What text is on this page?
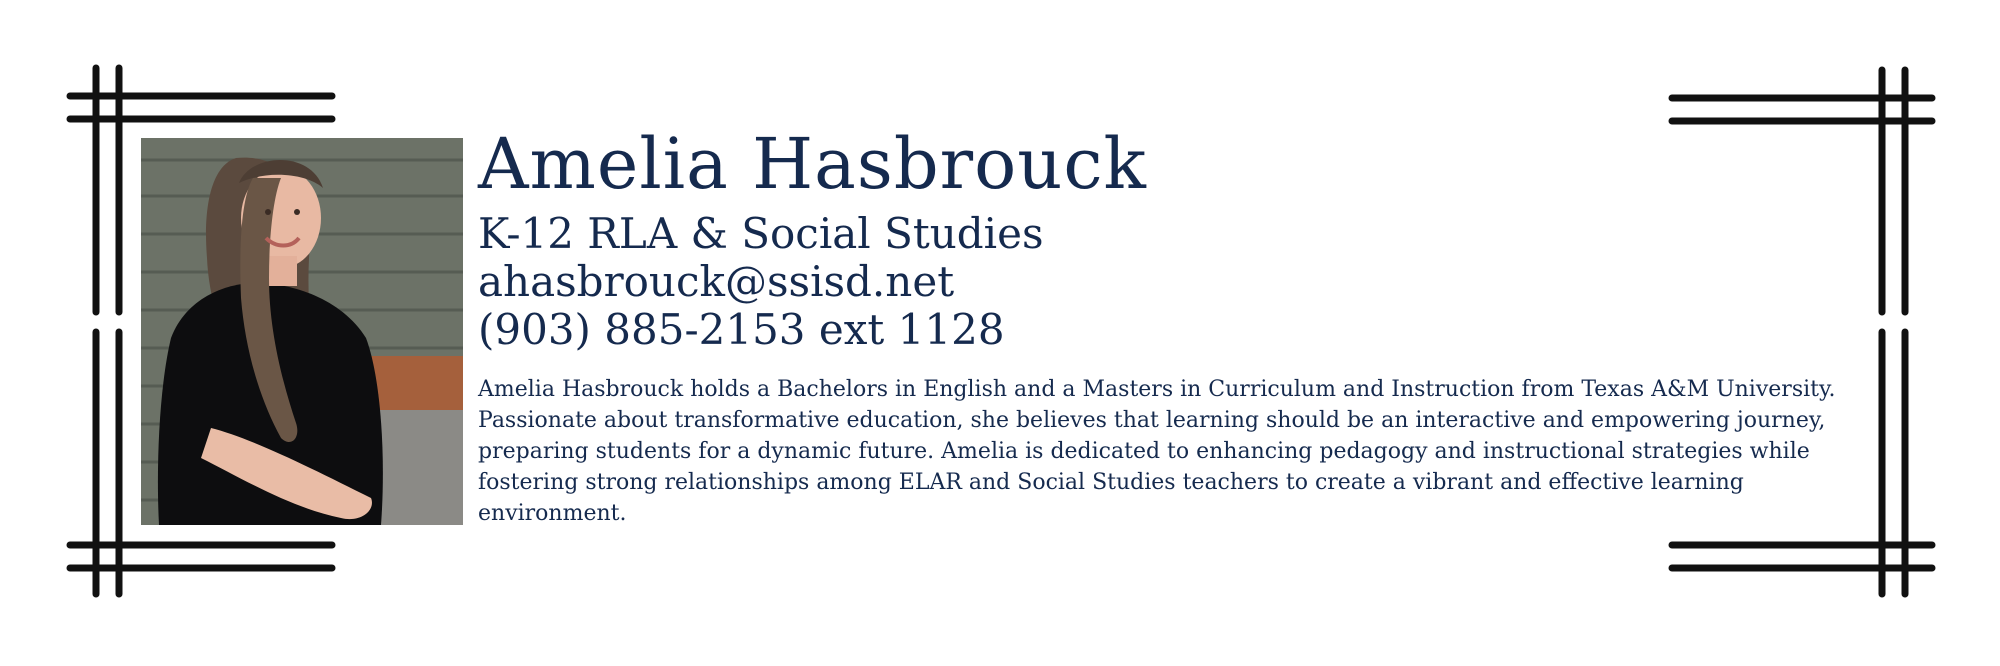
Amelia Hasbrouck
K-12 RLA & Social Studies
ahasbrouck@ssisd.net
(903) 885-2153 ext 1128
Amelia Hasbrouck holds a Bachelors in English and a Masters in Curriculum and Instruction from Texas A&M University. Passionate about transformative education, she believes that learning should be an interactive and empowering journey, preparing students for a dynamic future. Amelia is dedicated to enhancing pedagogy and instructional strategies while fostering strong relationships among ELAR and Social Studies teachers to create a vibrant and effective learning environment.
